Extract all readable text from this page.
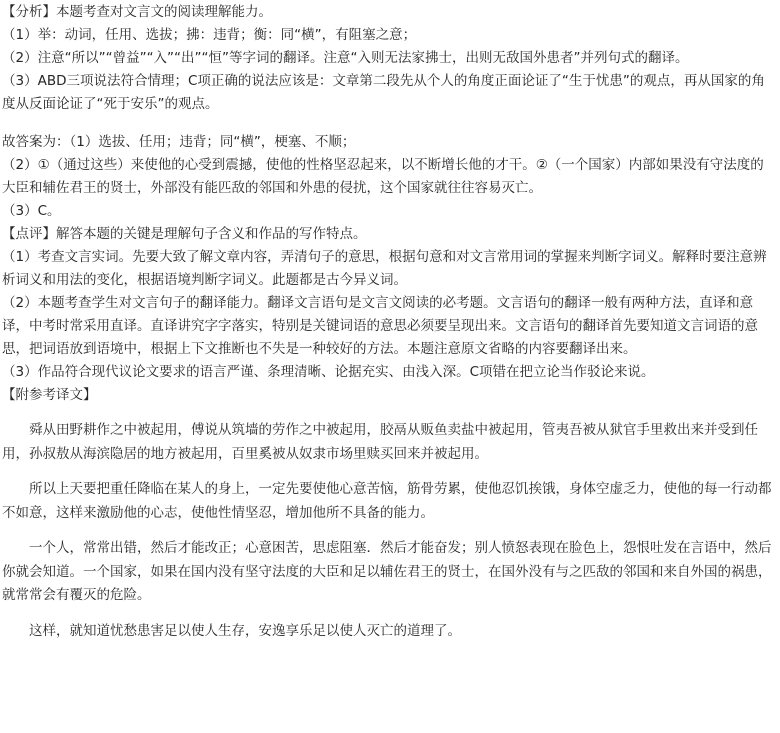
【分析】本题考查对文言文的阅读理解能力。
（1）举：动词，任用、选拔；拂：违背；衡：同“横”，有阻塞之意；
（2）注意“所以”“曾益”“入”“出”“恒”等字词的翻译。注意“入则无法家拂士，出则无敌国外患者”并列句式的翻译。
（3）ABD三项说法符合情理；C项正确的说法应该是：文章第二段先从个人的角度正面论证了“生于忧患”的观点，再从国家的角度从反面论证了“死于安乐”的观点。
故答案为：（1）选拔、任用；违背；同“横”，梗塞、不顺；
（2）①（通过这些）来使他的心受到震撼，使他的性格坚忍起来，以不断增长他的才干。②（一个国家）内部如果没有守法度的大臣和辅佐君王的贤士，外部没有能匹敌的邻国和外患的侵扰，这个国家就往往容易灭亡。
（3）C。
【点评】解答本题的关键是理解句子含义和作品的写作特点。
（1）考查文言实词。先要大致了解文章内容，弄清句子的意思，根据句意和对文言常用词的掌握来判断字词义。解释时要注意辨析词义和用法的变化，根据语境判断字词义。此题都是古今异义词。
（2）本题考查学生对文言句子的翻译能力。翻译文言语句是文言文阅读的必考题。文言语句的翻译一般有两种方法，直译和意译，中考时常采用直译。直译讲究字字落实，特别是关键词语的意思必须要呈现出来。文言语句的翻译首先要知道文言词语的意思，把词语放到语境中，根据上下文推断也不失是一种较好的方法。本题注意原文省略的内容要翻译出来。
（3）作品符合现代议论文要求的语言严谨、条理清晰、论据充实、由浅入深。C项错在把立论当作驳论来说。
【附参考译文】
舜从田野耕作之中被起用，傅说从筑墙的劳作之中被起用，胶鬲从贩鱼卖盐中被起用，管夷吾被从狱官手里救出来并受到任用，孙叔敖从海滨隐居的地方被起用，百里奚被从奴隶市场里赎买回来并被起用。
所以上天要把重任降临在某人的身上，一定先要使他心意苦恼，筋骨劳累，使他忍饥挨饿，身体空虚乏力，使他的每一行动都不如意，这样来激励他的心志，使他性情坚忍，增加他所不具备的能力。
一个人，常常出错，然后才能改正；心意困苦，思虑阻塞．然后才能奋发；别人愤怒表现在脸色上，怨恨吐发在言语中，然后你就会知道。一个国家，如果在国内没有坚守法度的大臣和足以辅佐君王的贤士，在国外没有与之匹敌的邻国和来自外国的祸患，就常常会有覆灭的危险。
这样，就知道忧愁患害足以使人生存，安逸享乐足以使人灭亡的道理了。
